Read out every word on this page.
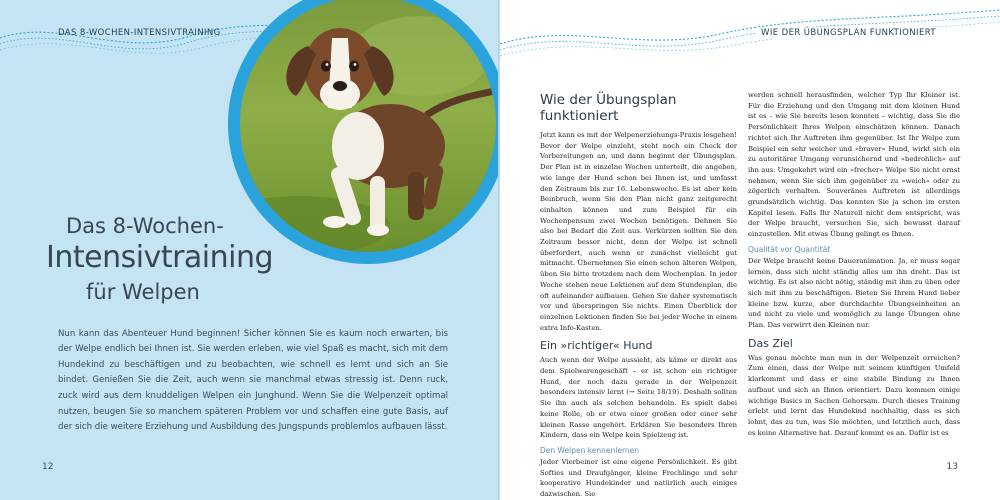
DAS 8-WOCHEN-INTENSIVTRAINING
Das 8-Wochen-
Intensivtraining
für Welpen

Nun kann das Abenteuer Hund beginnen! Sicher können Sie es kaum noch erwarten, bis der Welpe endlich bei Ihnen ist. Sie werden erleben, wie viel Spaß es macht, sich mit dem Hundekind zu beschäftigen und zu beobachten, wie schnell es lernt und sich an Sie bindet. Genießen Sie die Zeit, auch wenn sie manchmal etwas stressig ist. Denn ruck, zuck wird aus dem knuddeligen Welpen ein Junghund. Wenn Sie die Welpenzeit optimal nutzen, beugen Sie so manchem späteren Problem vor und schaffen eine gute Basis, auf der sich die weitere Erziehung und Ausbildung des Jungspunds problemlos aufbauen lässt.

12
WIE DER ÜBUNGSPLAN FUNKTIONIERT
Wie der Übungsplan funktioniert

Jetzt kann es mit der Welpenerziehungs-Praxis losgehen! Bevor der Welpe einzieht, steht noch ein Check der Vorbereitungen an, und dann beginnt der Übungsplan. Der Plan ist in einzelne Wochen unterteilt, die angeben, wie lange der Hund schon bei Ihnen ist, und umfasst den Zeitraum bis zur 16. Lebenswoche. Es ist aber kein Beinbruch, wenn Sie den Plan nicht ganz zeitgerecht einhalten können und zum Beispiel für ein Wochenpensum zwei Wochen benötigen. Dehnen Sie also bei Bedarf die Zeit aus. Verkürzen sollten Sie den Zeitraum besser nicht, denn der Welpe ist schnell überfordert, auch wenn er zunächst vielleicht gut mitmacht. Übernehmen Sie einen schon älteren Welpen, üben Sie bitte trotzdem nach dem Wochenplan. In jeder Woche stehen neue Lektionen auf dem Stundenplan, die oft aufeinander aufbauen. Gehen Sie daher systematisch vor und überspringen Sie nichts. Einen Überblick der einzelnen Lektionen finden Sie bei jeder Woche in einem extra Info-Kasten.

Ein »richtiger« Hund

Auch wenn der Welpe aussieht, als käme er direkt aus dem Spielwarengeschäft – er ist schon ein richtiger Hund, der noch dazu gerade in der Welpenzeit besonders intensiv lernt (→ Seite 18/19). Deshalb sollten Sie ihn auch als solchen behandeln. Es spielt dabei keine Rolle, ob er etwa einer großen oder einer sehr kleinen Rasse angehört. Erklären Sie besonders Ihren Kindern, dass ein Welpe kein Spielzeug ist.

Den Welpen kennenlernen

Jeder Vierbeiner ist eine eigene Persönlichkeit. Es gibt Softies und Draufgänger, kleine Frechlinge und sehr kooperative Hundekinder und natürlich auch einiges dazwischen. Sie

werden schnell herausfinden, welcher Typ Ihr Kleiner ist. Für die Erziehung und den Umgang mit dem kleinen Hund ist es – wie Sie bereits lesen konnten – wichtig, dass Sie die Persönlichkeit Ihres Welpen einschätzen können. Danach richtet sich Ihr Auftreten ihm gegenüber. Ist Ihr Welpe zum Beispiel ein sehr weicher und »braver« Hund, wirkt sich ein zu autoritärer Umgang verunsichernd und »bedrohlich« auf ihn aus. Umgekehrt wird ein »frecher« Welpe Sie nicht ernst nehmen, wenn Sie sich ihm gegenüber zu »weich« oder zu zögerlich verhalten. Souveränes Auftreten ist allerdings grundsätzlich wichtig. Das konnten Sie ja schon im ersten Kapitel lesen. Falls Ihr Naturell nicht dem entspricht, was der Welpe braucht, versuchen Sie, sich bewusst darauf einzustellen. Mit etwas Übung gelingt es Ihnen.

Qualität vor Quantität

Der Welpe braucht keine Daueranimation. Ja, er muss sogar lernen, dass sich nicht ständig alles um ihn dreht. Das ist wichtig. Es ist also nicht nötig, ständig mit ihm zu üben oder sich mit ihm zu beschäftigen. Bieten Sie Ihrem Hund lieber kleine bzw. kurze, aber durchdachte Übungseinheiten an und nicht zu viele und womöglich zu lange Übungen ohne Plan. Das verwirrt den Kleinen nur.

Das Ziel

Was genau möchte man nun in der Welpenzeit erreichen? Zum einen, dass der Welpe mit seinem künftigen Umfeld klarkommt und dass er eine stabile Bindung zu Ihnen aufbaut und sich an Ihnen orientiert. Dazu kommen einige wichtige Basics in Sachen Gehorsam. Durch dieses Training erlebt und lernt das Hundekind nachhaltig, dass es sich lohnt, das zu tun, was Sie möchten, und letztlich auch, dass es keine Alternative hat. Darauf kommt es an. Dafür ist es

13
